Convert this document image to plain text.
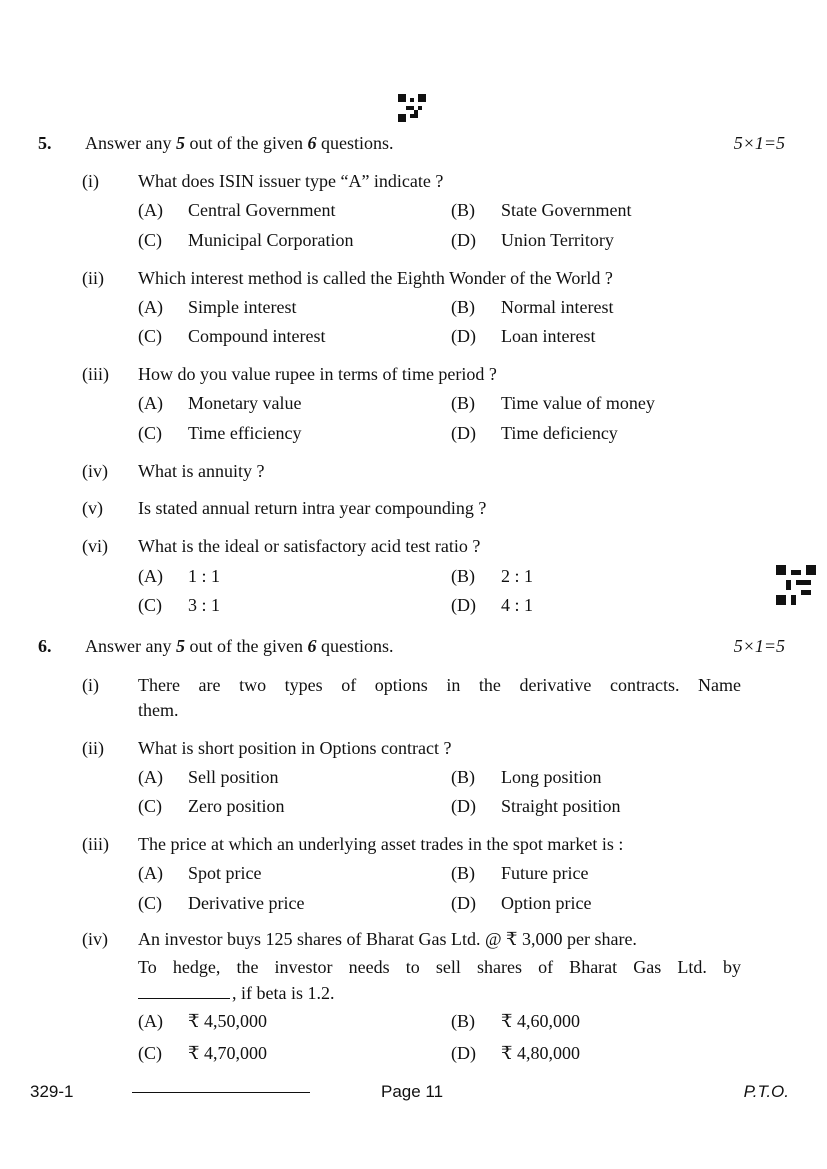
5. Answer any 5 out of the given 6 questions.	5×1=5
(i) What does ISIN issuer type “A” indicate ?
(A) Central Government	(B) State Government
(C) Municipal Corporation	(D) Union Territory
(ii) Which interest method is called the Eighth Wonder of the World ?
(A) Simple interest	(B) Normal interest
(C) Compound interest	(D) Loan interest
(iii) How do you value rupee in terms of time period ?
(A) Monetary value	(B) Time value of money
(C) Time efficiency	(D) Time deficiency
(iv) What is annuity ?
(v) Is stated annual return intra year compounding ?
(vi) What is the ideal or satisfactory acid test ratio ?
(A) 1 : 1	(B) 2 : 1
(C) 3 : 1	(D) 4 : 1
6. Answer any 5 out of the given 6 questions.	5×1=5
(i) There are two types of options in the derivative contracts. Name
them.
(ii) What is short position in Options contract ?
(A) Sell position	(B) Long position
(C) Zero position	(D) Straight position
(iii) The price at which an underlying asset trades in the spot market is :
(A) Spot price	(B) Future price
(C) Derivative price	(D) Option price
(iv) An investor buys 125 shares of Bharat Gas Ltd. @ ₹ 3,000 per share.
To hedge, the investor needs to sell shares of Bharat Gas Ltd. by
, if beta is 1.2.
(A) ₹ 4,50,000	(B) ₹ 4,60,000
(C) ₹ 4,70,000	(D) ₹ 4,80,000
329-1	Page 11	P.T.O.
